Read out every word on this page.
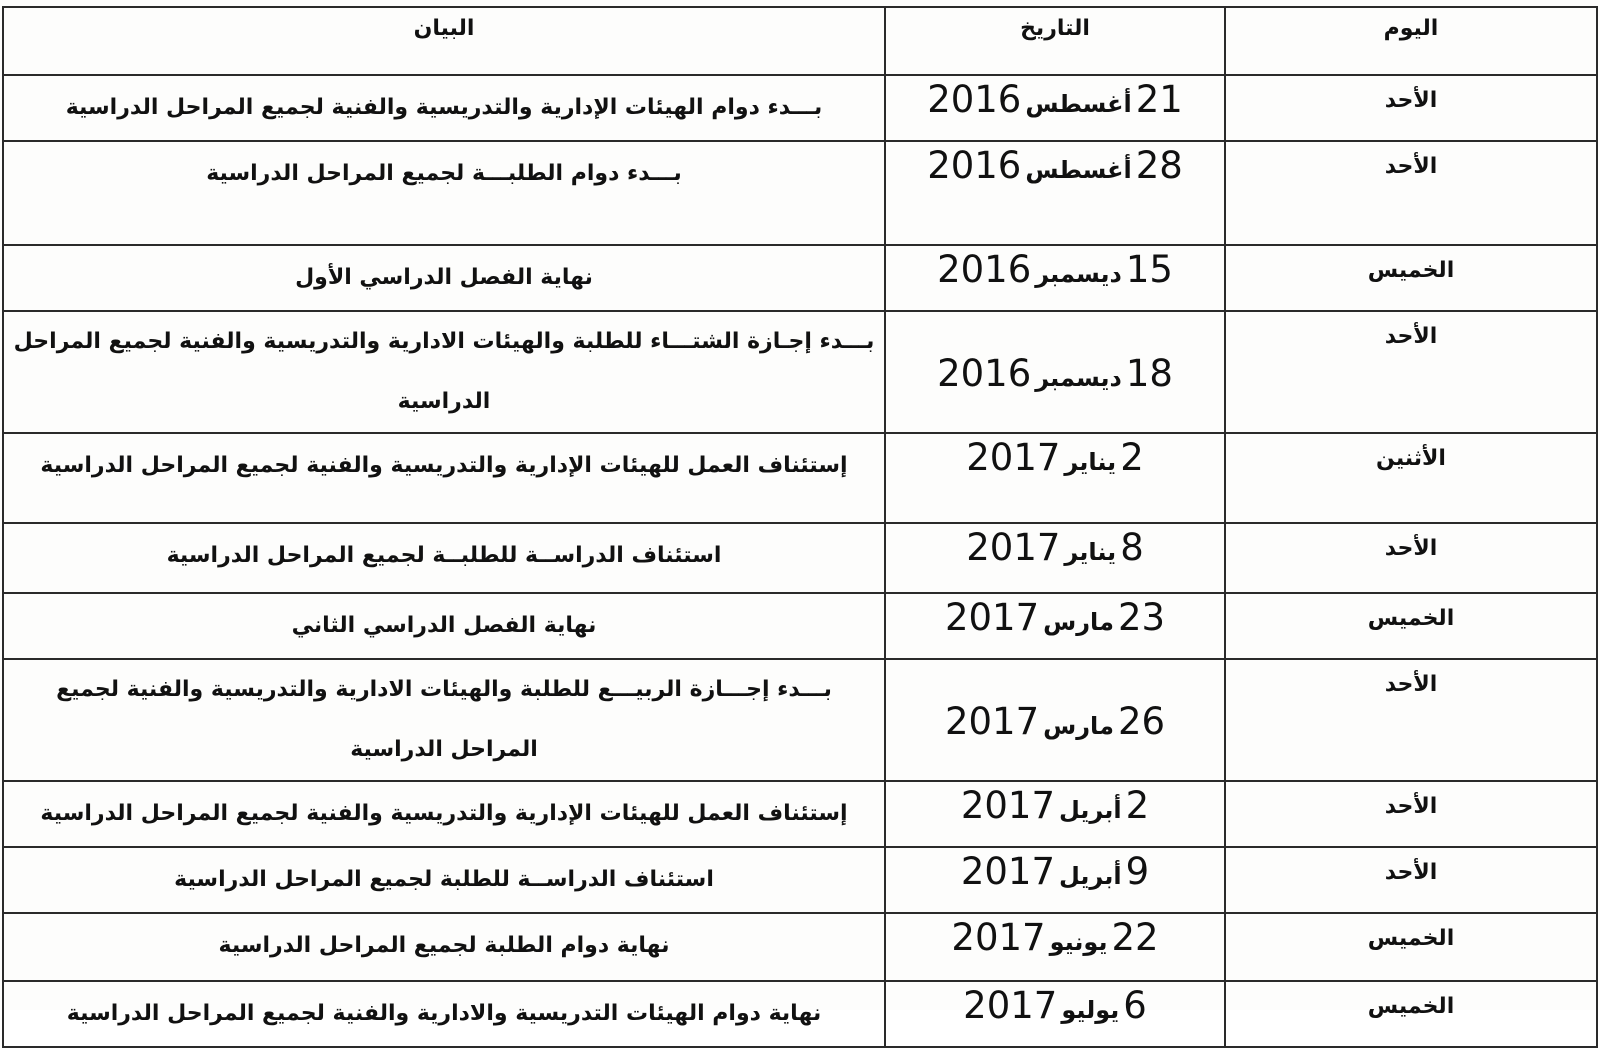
البيان	التاريخ	اليوم
بـــدء دوام الهيئات الإدارية والتدريسية والفنية لجميع المراحل الدراسية	21أغسطس2016	الأحد
بـــدء دوام الطلبـــة لجميع المراحل الدراسية	28أغسطس2016	الأحد
نهاية الفصل الدراسي الأول	15ديسمبر2016	الخميس
بـــدء إجـازة الشتـــاء للطلبة والهيئات الادارية والتدريسية والفنية لجميع المراحل الدراسية	18ديسمبر2016	الأحد
إستئناف العمل للهيئات الإدارية والتدريسية والفنية لجميع المراحل الدراسية	2يناير2017	الأثنين
استئناف الدراســة للطلبــة لجميع المراحل الدراسية	8يناير2017	الأحد
نهاية الفصل الدراسي الثاني	23مارس2017	الخميس
بـــدء إجـــازة الربيـــع للطلبة والهيئات الادارية والتدريسية والفنية لجميع المراحل الدراسية	26مارس2017	الأحد
إستئناف العمل للهيئات الإدارية والتدريسية والفنية لجميع المراحل الدراسية	2أبريل2017	الأحد
استئناف الدراســة للطلبة لجميع المراحل الدراسية	9أبريل2017	الأحد
نهاية دوام الطلبة لجميع المراحل الدراسية	22يونيو2017	الخميس
نهاية دوام الهيئات التدريسية والادارية والفنية لجميع المراحل الدراسية	6يوليو2017	الخميس
